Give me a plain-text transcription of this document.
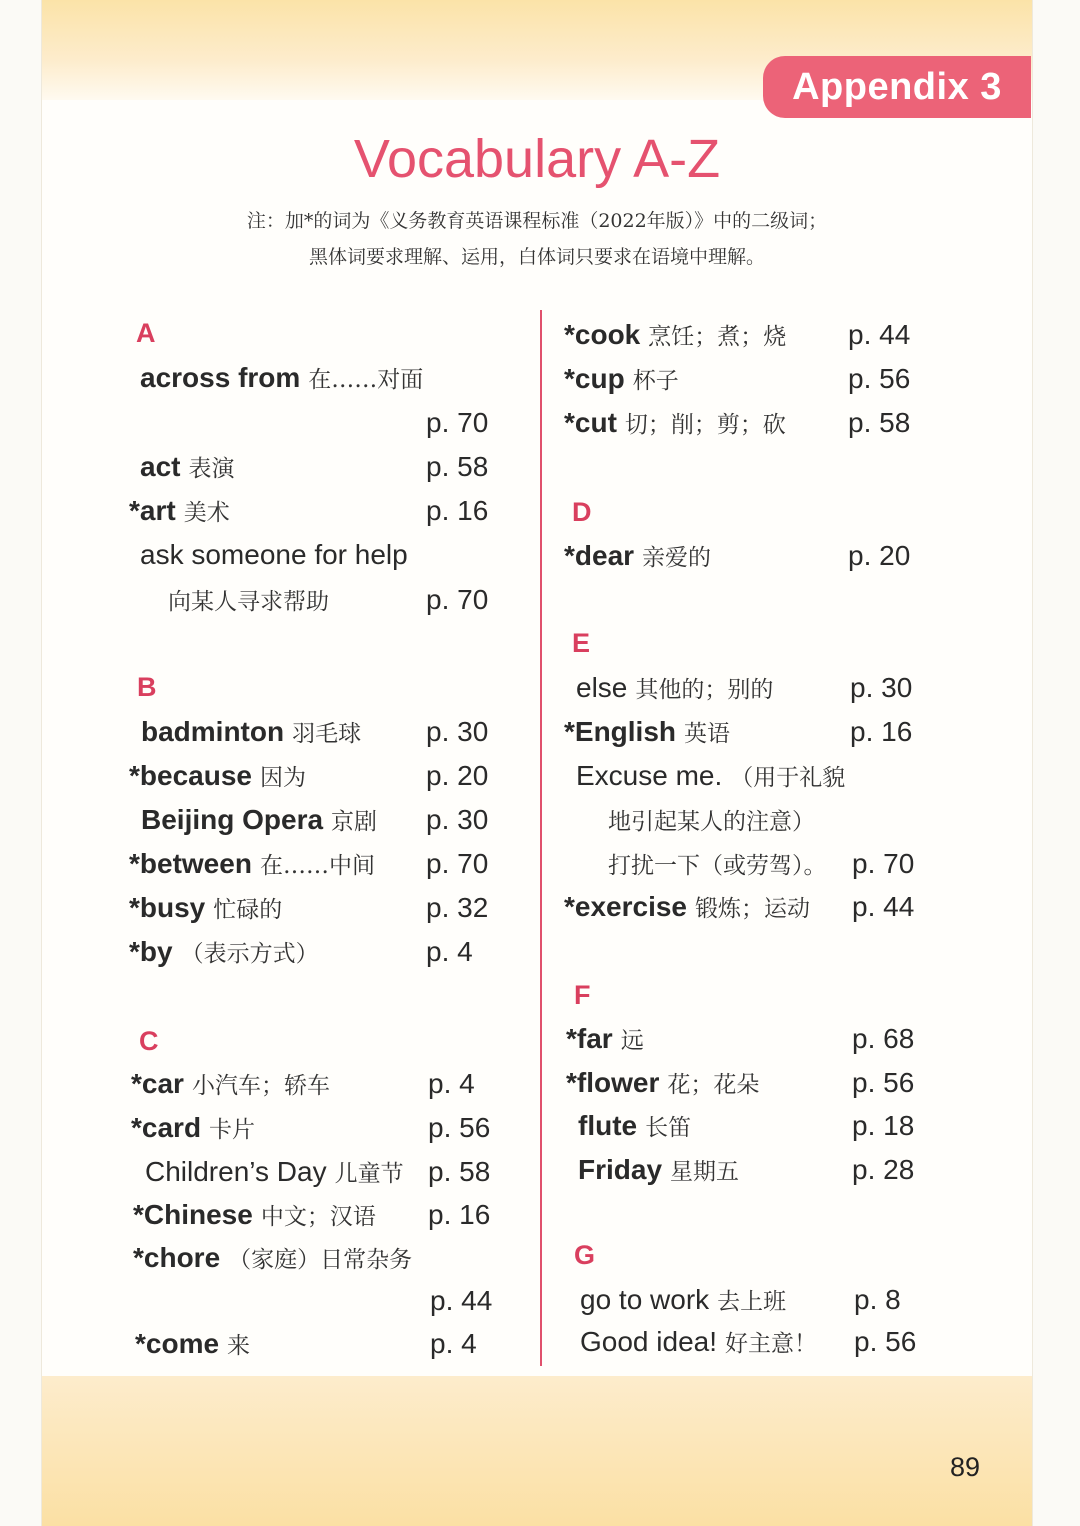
Appendix 3
Vocabulary A-Z
注：加*的词为《义务教育英语课程标准（2022年版）》中的二级词；
黑体词要求理解、运用，白体词只要求在语境中理解。
A
across from 在……对面
p. 70
act 表演	p. 58
*art 美术	p. 16
ask someone for help
向某人寻求帮助	p. 70
B
badminton 羽毛球 p. 30
*because 因为	p. 20
Beijing Opera 京剧 p. 30
*between 在……中间 p. 70
*busy 忙碌的	p. 32
*by （表示方式）	p. 4
C
*car 小汽车；轿车	p. 4
*card 卡片	p. 56
Children’s Day 儿童节 p. 58
*Chinese 中文；汉语 p. 16
*chore （家庭）日常杂务
p. 44
*come 来	p. 4
*cook 烹饪；煮；烧 p. 44
*cup 杯子	p. 56
*cut 切；削；剪；砍 p. 58
D
*dear 亲爱的	p. 20
E
else 其他的；别的	p. 30
*English 英语	p. 16
Excuse me. （用于礼貌
地引起某人的注意）
打扰一下（或劳驾）。 p. 70
*exercise 锻炼；运动 p. 44
F
*far 远	p. 68
*flower 花；花朵	p. 56
flute 长笛	p. 18
Friday 星期五	p. 28
G
go to work 去上班 p. 8
Good idea! 好主意！ p. 56
89
